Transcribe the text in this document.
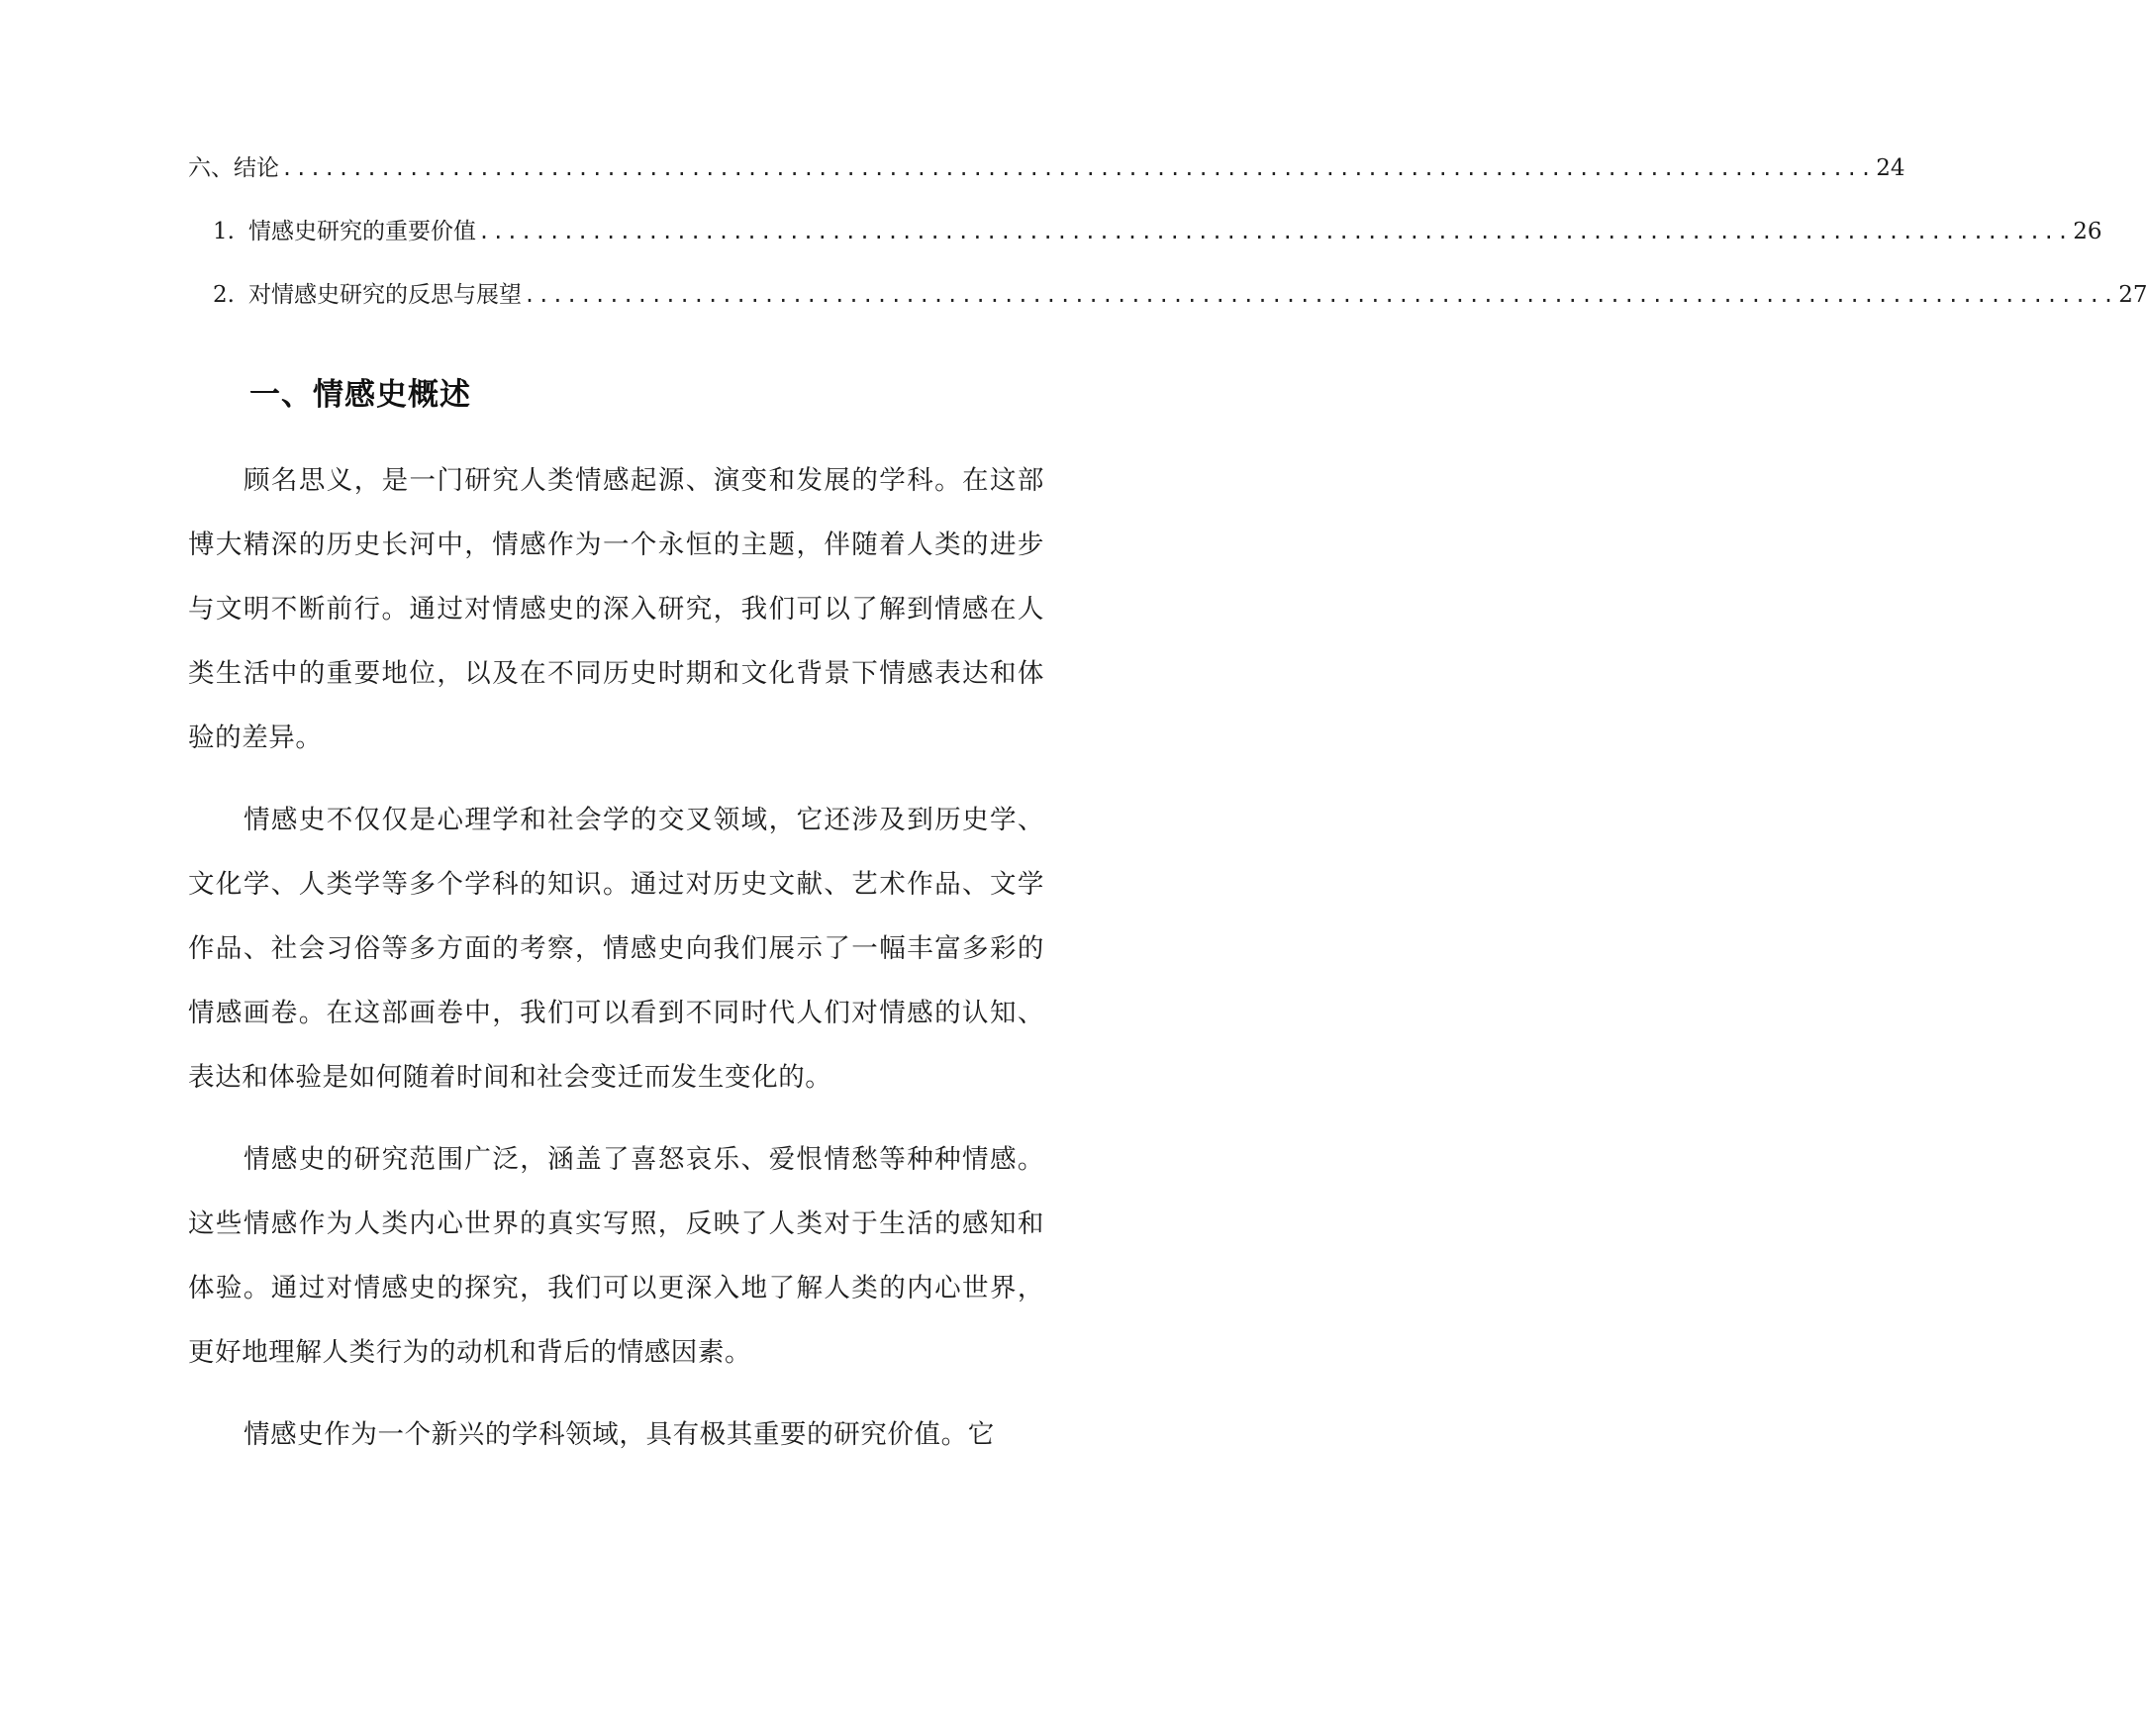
六、结论 ................................................................................................................. 24
1. 情感史研究的重要价值 ................................................................................................................. 26
2. 对情感史研究的反思与展望 ................................................................................................................. 27
一、情感史概述

顾名思义，是一门研究人类情感起源、演变和发展的学科。在这部博大精深的历史长河中，情感作为一个永恒的主题，伴随着人类的进步与文明不断前行。通过对情感史的深入研究，我们可以了解到情感在人类生活中的重要地位，以及在不同历史时期和文化背景下情感表达和体验的差异。

情感史不仅仅是心理学和社会学的交叉领域，它还涉及到历史学、文化学、人类学等多个学科的知识。通过对历史文献、艺术作品、文学作品、社会习俗等多方面的考察，情感史向我们展示了一幅丰富多彩的情感画卷。在这部画卷中，我们可以看到不同时代人们对情感的认知、表达和体验是如何随着时间和社会变迁而发生变化的。

情感史的研究范围广泛，涵盖了喜怒哀乐、爱恨情愁等种种情感。这些情感作为人类内心世界的真实写照，反映了人类对于生活的感知和体验。通过对情感史的探究，我们可以更深入地了解人类的内心世界，更好地理解人类行为的动机和背后的情感因素。

情感史作为一个新兴的学科领域，具有极其重要的研究价值。它
